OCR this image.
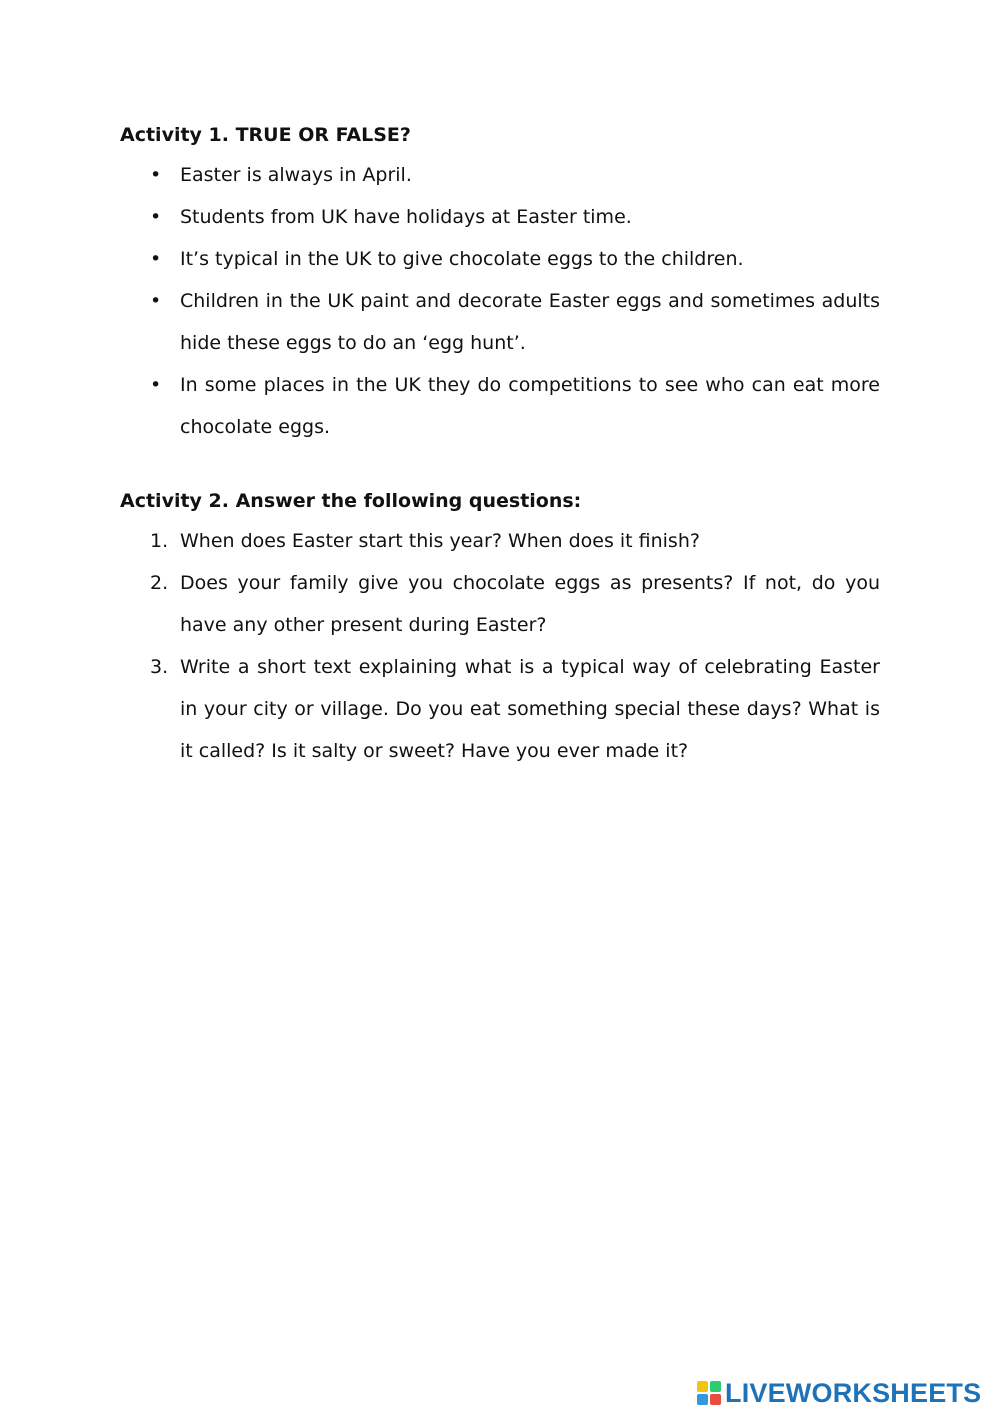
Activity 1. TRUE OR FALSE?
• Easter is always in April.
• Students from UK have holidays at Easter time.
• It’s typical in the UK to give chocolate eggs to the children.
• Children in the UK paint and decorate Easter eggs and sometimes adults hide these eggs to do an ‘egg hunt’.
• In some places in the UK they do competitions to see who can eat more chocolate eggs.
Activity 2. Answer the following questions:
1. When does Easter start this year? When does it finish?
2. Does your family give you chocolate eggs as presents? If not, do you have any other present during Easter?
3. Write a short text explaining what is a typical way of celebrating Easter in your city or village. Do you eat something special these days? What is it called? Is it salty or sweet? Have you ever made it?
LIVEWORKSHEETS
